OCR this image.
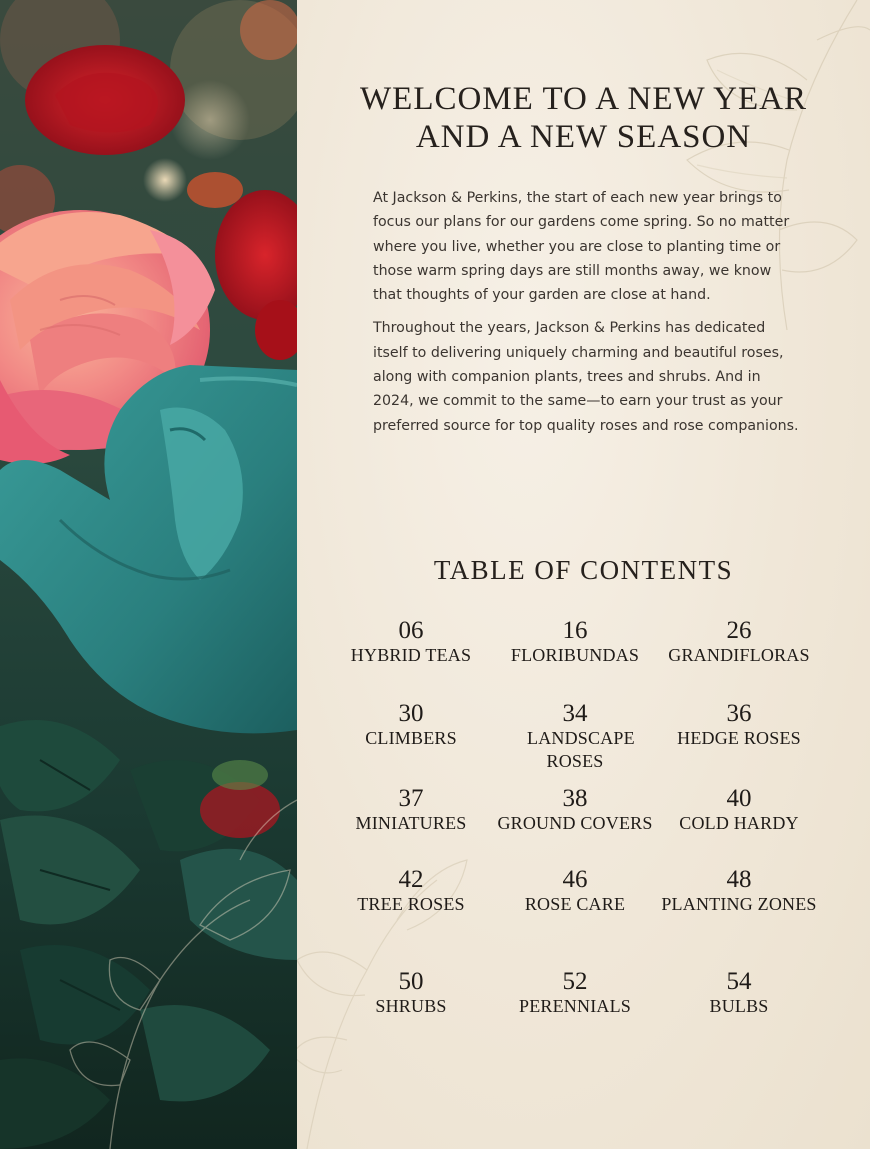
WELCOME TO A NEW YEAR
AND A NEW SEASON

At Jackson & Perkins, the start of each new year brings to focus our plans for our gardens come spring. So no matter where you live, whether you are close to planting time or those warm spring days are still months away, we know that thoughts of your garden are close at hand.

Throughout the years, Jackson & Perkins has dedicated itself to delivering uniquely charming and beautiful roses, along with companion plants, trees and shrubs. And in 2024, we commit to the same—to earn your trust as your preferred source for top quality roses and rose companions.

TABLE OF CONTENTS
06
HYBRID TEAS
16
FLORIBUNDAS
26
GRANDIFLORAS
30
CLIMBERS
34
LANDSCAPE ROSES
36
HEDGE ROSES
37
MINIATURES
38
GROUND COVERS
40
COLD HARDY
42
TREE ROSES
46
ROSE CARE
48
PLANTING ZONES
50
SHRUBS
52
PERENNIALS
54
BULBS
